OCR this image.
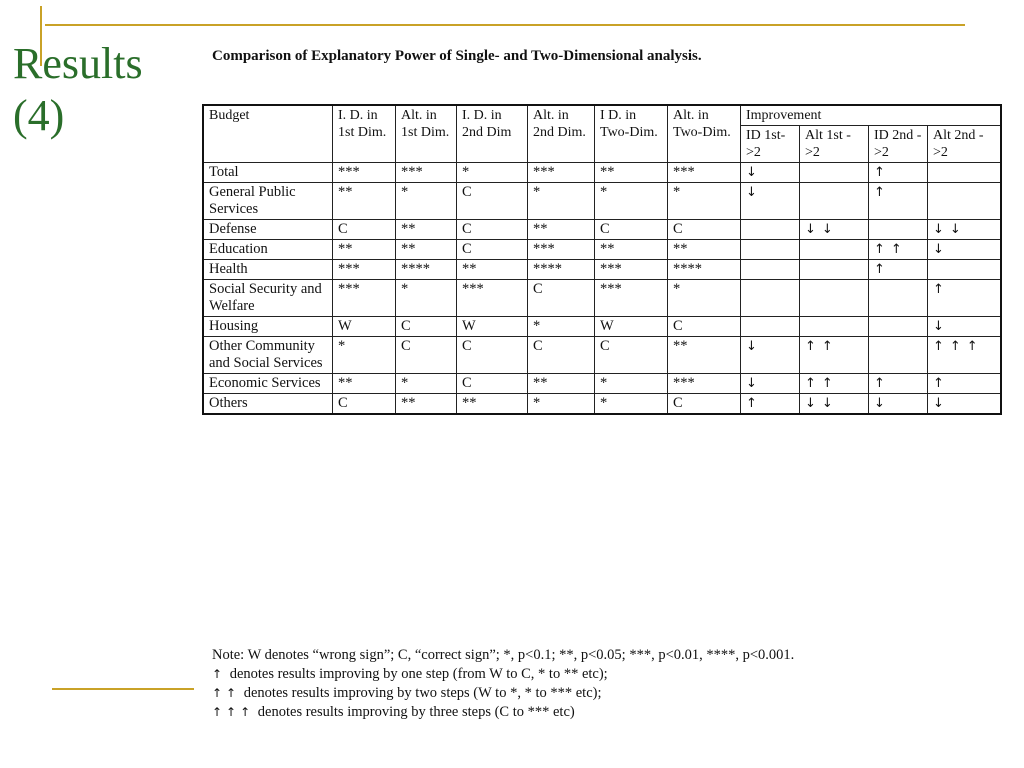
Results
(4)
Comparison of Explanatory Power of Single- and Two-Dimensional analysis.
Budget	I. D. in 1st Dim.	Alt. in 1st Dim.	I. D. in 2nd Dim	Alt. in 2nd Dim.	I D. in Two-Dim.	Alt. in Two-Dim.	Improvement			
							ID 1st- >2	Alt 1st - >2	ID 2nd ->2	Alt 2nd ->2
Total	***	***	*	***	**	***	↓		↑	
General Public Services	**	*	C	*	*	*	↓		↑	
Defense	C	**	C	**	C	C		↓↓		↓↓
Education	**	**	C	***	**	**			↑↑	↓
Health	***	****	**	****	***	****			↑	
Social Security and Welfare	***	*	***	C	***	*				↑
Housing	W	C	W	*	W	C				↓
Other Community and Social Services	*	C	C	C	C	**	↓	↑↑		↑↑↑
Economic Services	**	*	C	**	*	***	↓	↑↑	↑	↑
Others	C	**	**	*	*	C	↑	↓↓	↓	↓

Note: W denotes “wrong sign”; C, “correct sign”; *, p<0.1; **, p<0.05; ***, p<0.01, ****, p<0.001.

↑ denotes results improving by one step (from W to C, * to ** etc);

↑↑ denotes results improving by two steps (W to *, * to *** etc);

↑↑↑ denotes results improving by three steps (C to *** etc)
